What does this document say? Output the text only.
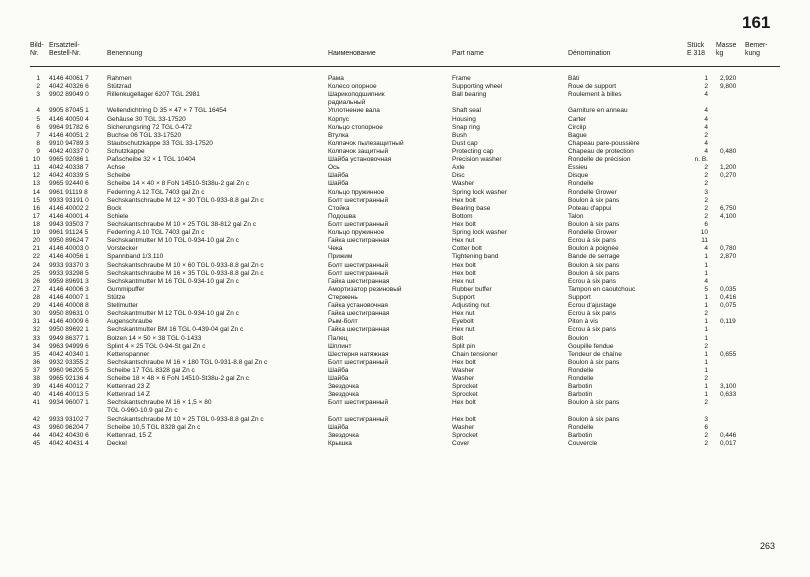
161
Bild-
Nr.
Ersatzteil-
Bestell-Nr.	Benennung	Наименование	Part name	Dénomination
Stück
E 318
Masse
kg
Bemer-
kung
1 4146 40061 7	Rahmen	Рама	Frame	Bâti	1 2,920
2 4042 40326 6	Stützrad	Колесо опорное	Supporting wheel	Roue de support	2 9,800
3 9902 89049 0	Rillenkugellager 6207 TGL 2981	Шарикоподшипник	Ball bearing	Roulement à billes	4
радиальный
4 9905 87045 1	Wellendichtring D 35 × 47 × 7 TGL 16454	Уплотнение вала	Shaft seal	Garniture en anneau	4
5 4146 40050 4	Gehäuse 30 TGL 33-17520	Корпус	Housing	Carter	4
6 9964 91782 6	Sicherungsring 72 TGL 0-472	Кольцо стопорное	Snap ring	Circlip	4
7 4146 40051 2	Buchse 06 TGL 33-17520	Втулка	Bush	Bague	2
8 9910 94789 3	Staubschutzkappe 33 TGL 33-17520	Колпачок пылезащитный	Dust cap	Chapeau pare-poussière	4
9 4042 40337 0	Schutzkappe	Колпачок защитный	Protecting cap	Chapeau de protection	4 0,480
10 9965 92086 1	Paßscheibe 32 × 1 TGL 10404	Шайба установочная	Precision washer	Rondelle de précision	n. B.
11 4042 40338 7	Achse	Ось	Axle	Essieu	2 1,200
12 4042 40339 5	Scheibe	Шайба	Disc	Disque	2 0,270
13 9965 92440 6	Scheibe 14 × 40 × 8 FoN 14510-St38u-2 gal Zn c	Шайба	Washer	Rondelle	2
14 9961 91119 8	Federring A 12 TGL 7403 gal Zn c	Кольцо пружинное	Spring lock washer	Rondelle Grower	3
15 9933 93191 0	Sechskantschraube M 12 × 30 TGL 0-933-8.8 gal Zn c	Болт шестигранный	Hex bolt	Boulon à six pans	2
16 4146 40002 2	Bock	Стойка	Bearing base	Poteau d'appui	2 6,750
17 4146 40001 4	Schiele	Подошва	Bottom	Talon	2 4,100
18 9943 93503 7	Sechskantschraube M 10 × 25 TGL 38-812 gal Zn c	Болт шестигранный	Hex bolt	Boulon à six pans	6
19 9961 91124 5	Federring A 10 TGL 7403 gal Zn c	Кольцо пружинное	Spring lock washer	Rondelle Grower	10
20 9950 89624 7	Sechskantmutter M 10 TGL 0-934-10 gal Zn c	Гайка шестигранная	Hex nut	Ecrou à six pans	11
21 4146 40003 0	Vorstecker	Чека	Cotter bolt	Boulon à poignée	4 0,780
22 4146 40056 1	Spannband 1/3.110	Прижим	Tightening band	Bande de serrage	1 2,870
24 9933 93370 3	Sechskantschraube M 10 × 60 TGL 0-933-8.8 gal Zn c	Болт шестигранный	Hex bolt	Boulon à six pans	1
25 9933 93298 5	Sechskantschraube M 16 × 35 TGL 0-933-8.8 gal Zn c	Болт шестигранный	Hex bolt	Boulon à six pans	1
26 9959 89691 3	Sechskantmutter M 16 TGL 0-934-10 gal Zn c	Гайка шестигранная	Hex nut	Ecrou à six pans	4
27 4146 40006 3	Gummipuffer	Амортизатор резиновый	Rubber buffer	Tampon en caoutchouc	5 0,035
28 4146 40007 1	Stütze	Стержень	Support	Support	1 0,416
29 4146 40008 8	Stellmutter	Гайка установочная	Adjusting nut	Ecrou d'ajustage	1 0,075
30 9950 89631 0	Sechskantmutter M 12 TGL 0-934-10 gal Zn c	Гайка шестигранная	Hex nut	Ecrou à six pans	2
31 4146 40009 6	Augenschraube	Рым-болт	Eyebolt	Piton à vis	1 0,119
32 9950 89692 1	Sechskantmutter BM 16 TGL 0-439-04 gal Zn c	Гайка шестигранная	Hex nut	Ecrou à six pans	1
33 9949 86377 1	Bolzen 14 × 50 × 38 TGL 0-1433	Палец	Bolt	Boulon	1
34 9963 94999 6	Splint 4 × 25 TGL 0-94-St gal Zn c	Шплинт	Split pin	Goupille fendue	2
35 4042 40340 1	Kettenspanner	Шестерня натяжная	Chain tensioner	Tendeur de chaîne	1 0,655
36 9932 93355 2	Sechskantschraube M 16 × 180 TGL 0-931-8.8 gal Zn c	Болт шестигранный	Hex bolt	Boulon à six pans	1
37 9960 96205 5	Scheibe 17 TGL 8328 gal Zn c	Шайба	Washer	Rondelle	1
38 9965 92136 4	Scheibe 18 × 48 × 6 FoN 14510-St38u-2 gal Zn c	Шайба	Washer	Rondelle	2
39 4146 40012 7	Kettenrad 23 Z	Звездочка	Sprocket	Barbotin	1 3,100
40 4146 40013 5	Kettenrad 14 Z	Звездочка	Sprocket	Barbotin	1 0,633
41 9934 96007 1	Sechskantschraube M 16 × 1,5 × 80	Болт шестигранный	Hex bolt	Boulon à six pans	2
TGL 0-960-10.9 gal Zn c
42 9933 93102 7	Sechskantschraube M 10 × 25 TGL 0-933-8.8 gal Zn c	Болт шестигранный	Hex bolt	Boulon à six pans	3
43 9960 96204 7	Scheibe 10,5 TGL 8328 gal Zn c	Шайба	Washer	Rondelle	6
44 4042 40430 6	Kettenrad, 15 Z	Звездочка	Sprocket	Barbotin	2 0,446
45 4042 40431 4	Deckel	Крышка	Cover	Couvercle	2 0,017
263
